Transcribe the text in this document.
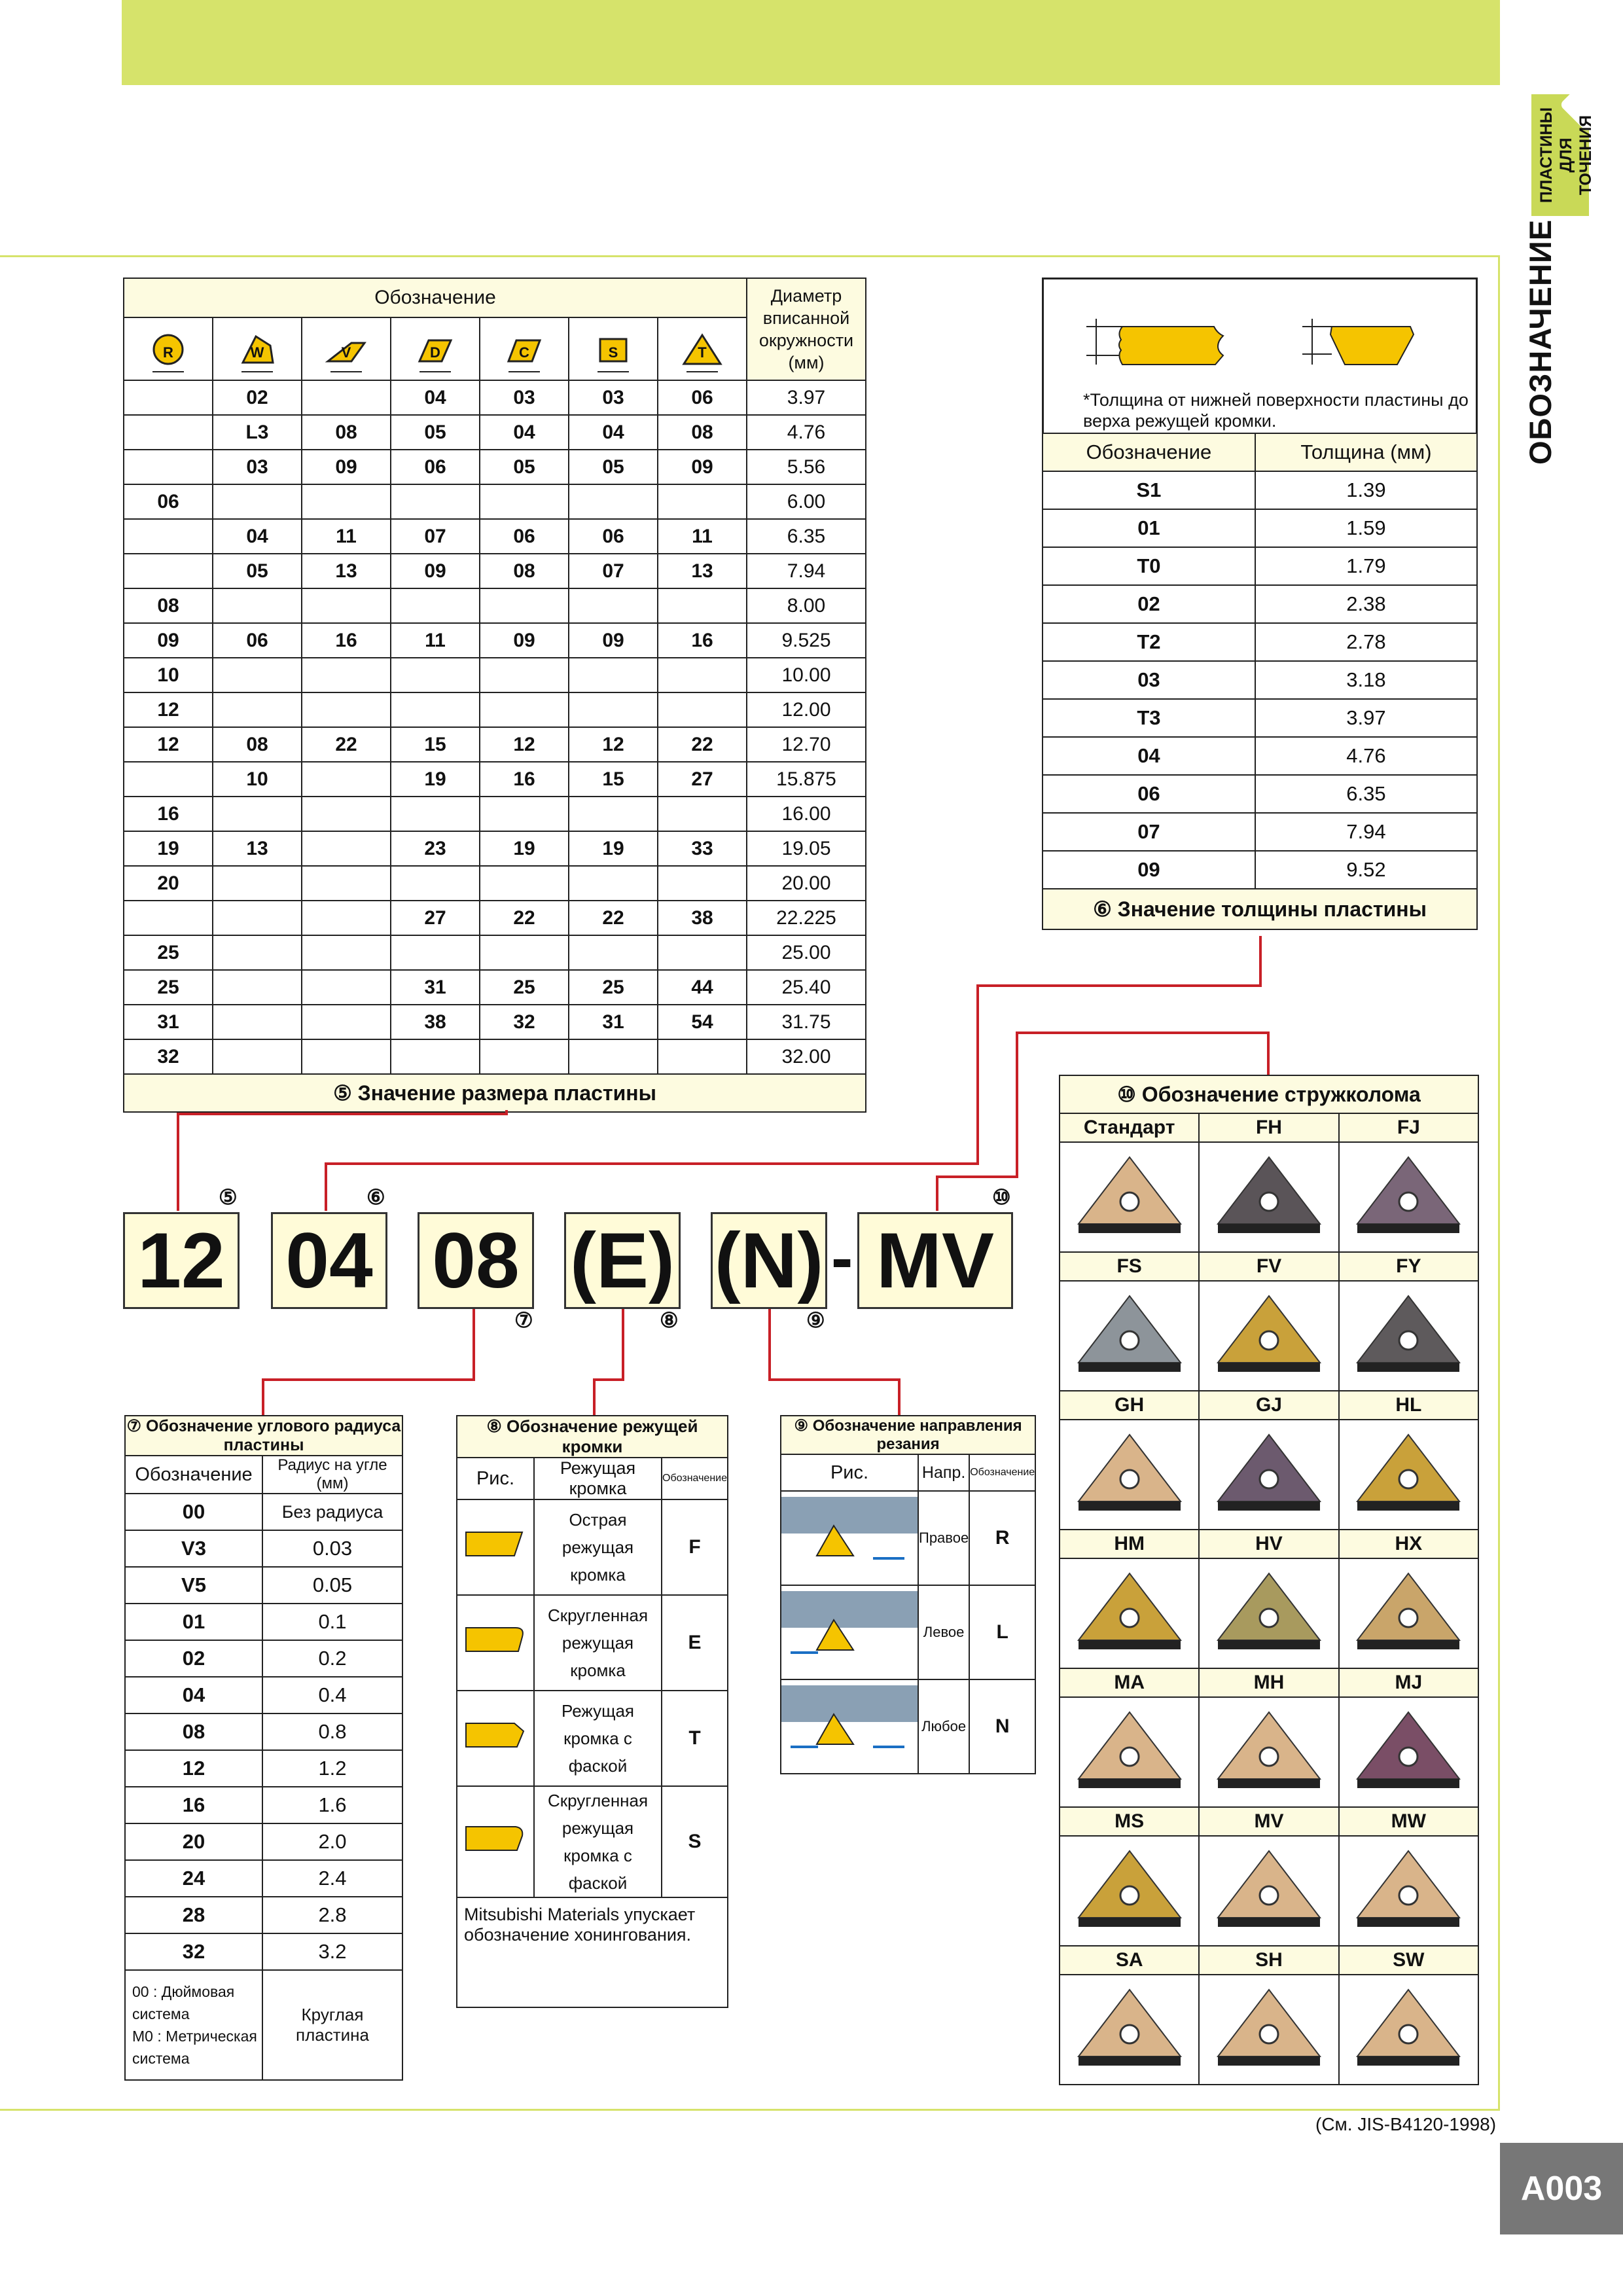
ПЛАСТИНЫ
ДЛЯ ТОЧЕНИЯ
ОБОЗНАЧЕНИЕ
Обозначение							Диаметр вписанной окружности (мм)

R	W	V	D	C	S	T	

	02		04	03	03	06	3.97
	L3	08	05	04	04	08	4.76
	03	09	06	05	05	09	5.56
06							6.00
	04	11	07	06	06	11	6.35
	05	13	09	08	07	13	7.94
08							8.00
09	06	16	11	09	09	16	9.525
10							10.00
12							12.00
12	08	22	15	12	12	22	12.70
	10		19	16	15	27	15.875
16							16.00
19	13		23	19	19	33	19.05
20							20.00
			27	22	22	38	22.225
25							25.00
25			31	25	25	44	25.40
31			38	32	31	54	31.75
32							32.00
⑤ Значение размера пластины							
*Толщина от нижней поверхности пластины до верха режущей кромки.
Обозначение	Толщина (мм)
S1	1.39
01	1.59
T0	1.79
02	2.38
T2	2.78
03	3.18
T3	3.97
04	4.76
06	6.35
07	7.94
09	9.52
⑥ Значение толщины пластины	
12 04 08 (E) (N) - MV
⑤	⑥
⑦	⑧	⑨
⑩
⑦ Обозначение углового радиуса пластины	
Обозначение	Радиус на угле (мм)
00	Без радиуса
V3	0.03
V5	0.05
01	0.1
02	0.2
04	0.4
08	0.8
12	1.2
16	1.6
20	2.0
24	2.4
28	2.8
32	3.2

00 : Дюймовая система
M0 : Метрическая система	Круглая пластина
⑧ Обозначение режущей кромки		
Рис.	Режущая кромка	Обозначение
	Острая режущая кромка	F
	Скругленная режущая кромка	E
	Режущая кромка с фаской	T
	Скругленная режущая кромка с фаской	S
Mitsubishi Materials упускает обозначение хонингования.		
⑨ Обозначение направления резания		
Рис.	Напр.	Обозначение
	Правое	R
	Левое	L
	Любое	N
⑩ Обозначение стружколома		
Стандарт	FH	FJ

FS	FV	FY

GH	GJ	HL

HM	HV	HX

MA	MH	MJ

MS	MV	MW

SA	SH	SW

(См. JIS-B4120-1998)
A003
